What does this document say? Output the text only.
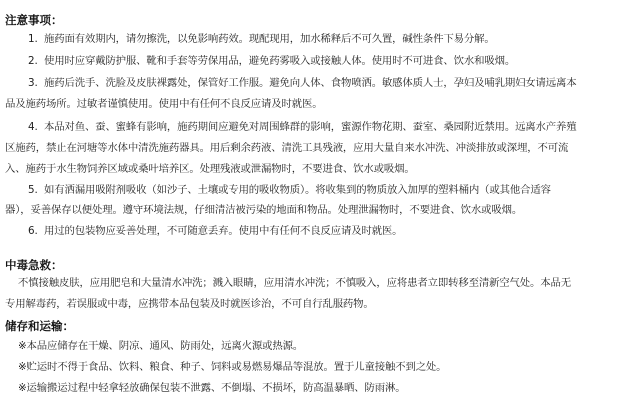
注意事项：
1. 施药面有效期内，请勿擦洗，以免影响药效。现配现用，加水稀释后不可久置，碱性条件下易分解。
2. 使用时应穿戴防护服、靴和手套等劳保用品，避免药雾吸入或接触人体。使用时不可进食、饮水和吸烟。
3. 施药后洗手、洗脸及皮肤裸露处，保管好工作服。避免向人体、食物喷洒。敏感体质人士，孕妇及哺乳期妇女请远离本
品及施药场所。过敏者谨慎使用。使用中有任何不良反应请及时就医。
4. 本品对鱼、蚕、蜜蜂有影响，施药期间应避免对周围蜂群的影响，蜜源作物花期、蚕室、桑园附近禁用。远离水产养殖
区施药，禁止在河塘等水体中清洗施药器具。用后剩余药液、清洗工具残液，应用大量自来水冲洗、冲淡排放或深埋，不可流
入、施药于水生物饲养区域或桑叶培养区。处理残液或泄漏物时，不要进食、饮水或吸烟。
5. 如有洒漏用吸附剂吸收（如沙子、土壤或专用的吸收物质）。将收集到的物质放入加厚的塑料桶内（或其他合适容
器），妥善保存以便处理。遵守环境法规，仔细清洁被污染的地面和物品。处理泄漏物时，不要进食、饮水或吸烟。
6. 用过的包装物应妥善处理，不可随意丢弃。使用中有任何不良反应请及时就医。
中毒急救：
不慎接触皮肤，应用肥皂和大量清水冲洗；溅入眼睛，应用清水冲洗；不慎吸入，应将患者立即转移至清新空气处。本品无
专用解毒药，若误服或中毒，应携带本品包装及时就医诊治，不可自行乱服药物。
储存和运输：
※本品应储存在干燥、阴凉、通风、防雨处，远离火源或热源。
※贮运时不得于食品、饮料、粮食、种子、饲料或易燃易爆品等混放。置于儿童接触不到之处。
※运输搬运过程中轻拿轻放确保包装不泄露、不倒塌、不损坏，防高温暴晒、防雨淋。
